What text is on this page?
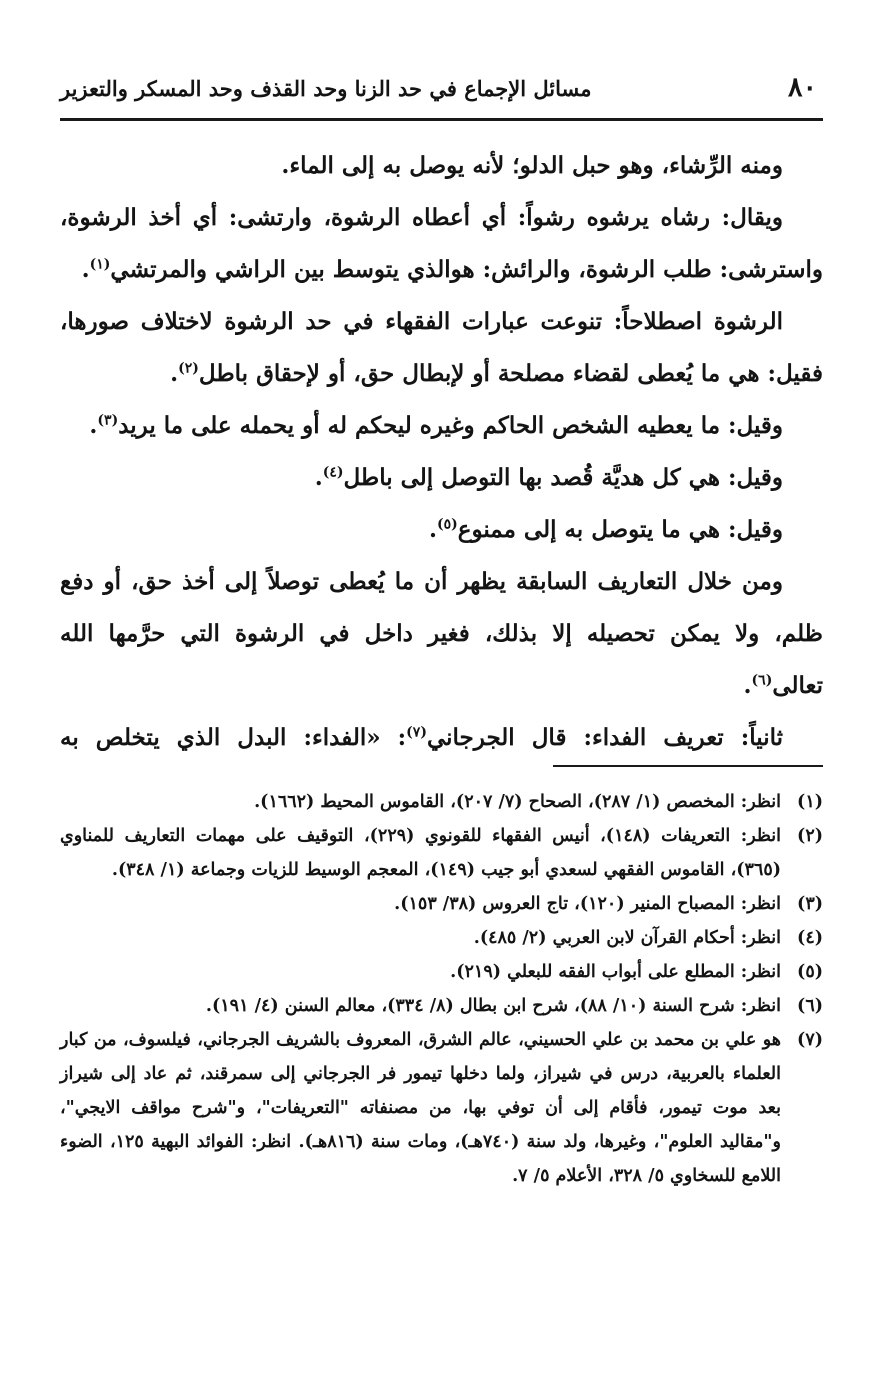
٨٠
مسائل الإجماع في حد الزنا وحد القذف وحد المسكر والتعزير

ومنه الرِّشاء، وهو حبل الدلو؛ لأنه يوصل به إلى الماء.

ويقال: رشاه يرشوه رشواً: أي أعطاه الرشوة، وارتشى: أي أخذ الرشوة، واسترشى: طلب الرشوة، والرائش: هوالذي يتوسط بين الراشي والمرتشي$^{(١)}$.

الرشوة اصطلاحاً: تنوعت عبارات الفقهاء في حد الرشوة لاختلاف صورها، فقيل: هي ما يُعطى لقضاء مصلحة أو لإبطال حق، أو لإحقاق باطل$^{(٢)}$.

وقيل: ما يعطيه الشخص الحاكم وغيره ليحكم له أو يحمله على ما يريد$^{(٣)}$.

وقيل: هي كل هديَّة قُصد بها التوصل إلى باطل$^{(٤)}$.

وقيل: هي ما يتوصل به إلى ممنوع$^{(٥)}$.

ومن خلال التعاريف السابقة يظهر أن ما يُعطى توصلاً إلى أخذ حق، أو دفع ظلم، ولا يمكن تحصيله إلا بذلك، فغير داخل في الرشوة التي حرَّمها الله تعالى$^{(٦)}$.

ثانياً: تعريف الفداء: قال الجرجاني$^{(٧)}$: «الفداء: البدل الذي يتخلص به

(١)
انظر: المخصص (١/ ٢٨٧)، الصحاح (٧/ ٢٠٧)، القاموس المحيط (١٦٦٢).
(٢)
انظر: التعريفات (١٤٨)، أنيس الفقهاء للقونوي (٢٢٩)، التوقيف على مهمات التعاريف للمناوي (٣٦٥)، القاموس الفقهي لسعدي أبو جيب (١٤٩)، المعجم الوسيط للزيات وجماعة (١/ ٣٤٨).
(٣)
انظر: المصباح المنير (١٢٠)، تاج العروس (٣٨/ ١٥٣).
(٤)
انظر: أحكام القرآن لابن العربي (٢/ ٤٨٥).
(٥)
انظر: المطلع على أبواب الفقه للبعلي (٢١٩).
(٦)
انظر: شرح السنة (١٠/ ٨٨)، شرح ابن بطال (٨/ ٣٣٤)، معالم السنن (٤/ ١٩١).
(٧)
هو علي بن محمد بن علي الحسيني، عالم الشرق، المعروف بالشريف الجرجاني، فيلسوف، من كبار العلماء بالعربية، درس في شيراز، ولما دخلها تيمور فر الجرجاني إلى سمرقند، ثم عاد إلى شيراز بعد موت تيمور، فأقام إلى أن توفي بها، من مصنفاته "التعريفات"، و"شرح مواقف الايجي"، و"مقاليد العلوم"، وغيرها، ولد سنة (٧٤٠هـ)، ومات سنة (٨١٦هـ). انظر: الفوائد البهية ١٢٥، الضوء اللامع للسخاوي ٥/ ٣٢٨، الأعلام ٥/ ٧.
